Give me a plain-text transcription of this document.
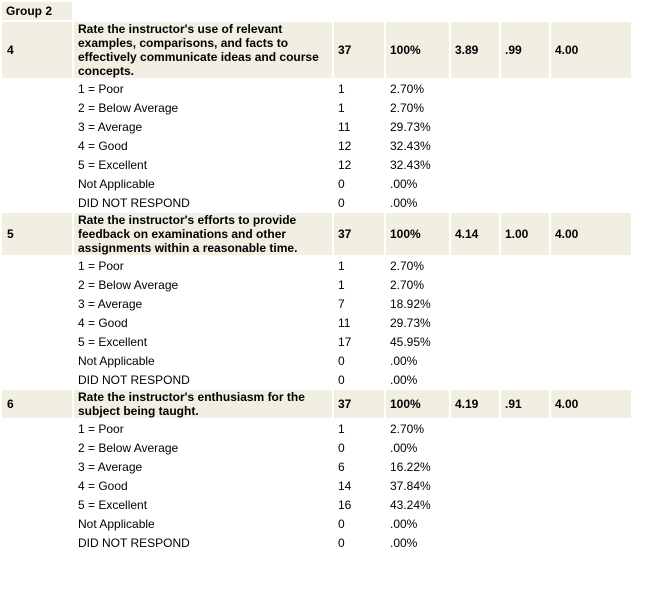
Group 2						
4	Rate the instructor's use of relevant examples, comparisons, and facts to effectively communicate ideas and course concepts.	37	100%	3.89	.99	4.00
	1 = Poor	1	2.70%			
	2 = Below Average	1	2.70%			
	3 = Average	11	29.73%			
	4 = Good	12	32.43%			
	5 = Excellent	12	32.43%			
	Not Applicable	0	.00%			
	DID NOT RESPOND	0	.00%			
5	Rate the instructor's efforts to provide feedback on examinations and other assignments within a reasonable time.	37	100%	4.14	1.00	4.00
	1 = Poor	1	2.70%			
	2 = Below Average	1	2.70%			
	3 = Average	7	18.92%			
	4 = Good	11	29.73%			
	5 = Excellent	17	45.95%			
	Not Applicable	0	.00%			
	DID NOT RESPOND	0	.00%			
6	Rate the instructor's enthusiasm for the subject being taught.	37	100%	4.19	.91	4.00
	1 = Poor	1	2.70%			
	2 = Below Average	0	.00%			
	3 = Average	6	16.22%			
	4 = Good	14	37.84%			
	5 = Excellent	16	43.24%			
	Not Applicable	0	.00%			
	DID NOT RESPOND	0	.00%			
